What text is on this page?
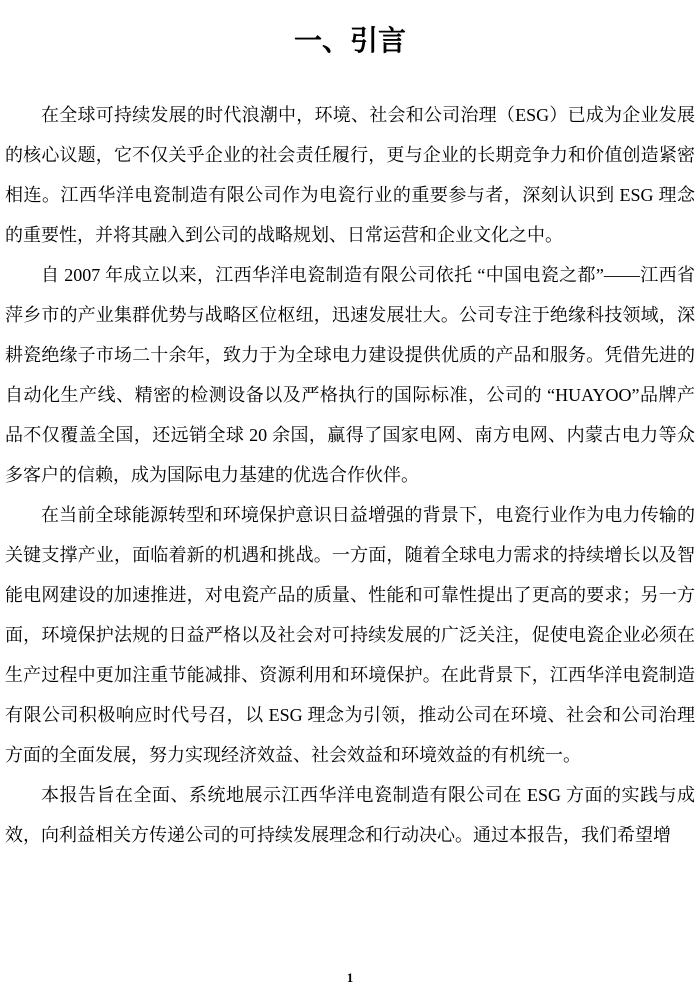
一、引言

在全球可持续发展的时代浪潮中，环境、社会和公司治理（ESG）已成为企业发展的核心议题，它不仅关乎企业的社会责任履行，更与企业的长期竞争力和价值创造紧密相连。江西华洋电瓷制造有限公司作为电瓷行业的重要参与者，深刻认识到 ESG 理念的重要性，并将其融入到公司的战略规划、日常运营和企业文化之中。

自 2007 年成立以来，江西华洋电瓷制造有限公司依托 “中国电瓷之都”——江西省萍乡市的产业集群优势与战略区位枢纽，迅速发展壮大。公司专注于绝缘科技领域，深耕瓷绝缘子市场二十余年，致力于为全球电力建设提供优质的产品和服务。凭借先进的自动化生产线、精密的检测设备以及严格执行的国际标准，公司的 “HUAYOO”品牌产品不仅覆盖全国，还远销全球 20 余国，赢得了国家电网、南方电网、内蒙古电力等众多客户的信赖，成为国际电力基建的优选合作伙伴。

在当前全球能源转型和环境保护意识日益增强的背景下，电瓷行业作为电力传输的关键支撑产业，面临着新的机遇和挑战。一方面，随着全球电力需求的持续增长以及智能电网建设的加速推进，对电瓷产品的质量、性能和可靠性提出了更高的要求；另一方面，环境保护法规的日益严格以及社会对可持续发展的广泛关注，促使电瓷企业必须在生产过程中更加注重节能减排、资源利用和环境保护。在此背景下，江西华洋电瓷制造有限公司积极响应时代号召，以 ESG 理念为引领，推动公司在环境、社会和公司治理方面的全面发展，努力实现经济效益、社会效益和环境效益的有机统一。

本报告旨在全面、系统地展示江西华洋电瓷制造有限公司在 ESG 方面的实践与成效，向利益相关方传递公司的可持续发展理念和行动决心。通过本报告，我们希望增

1
